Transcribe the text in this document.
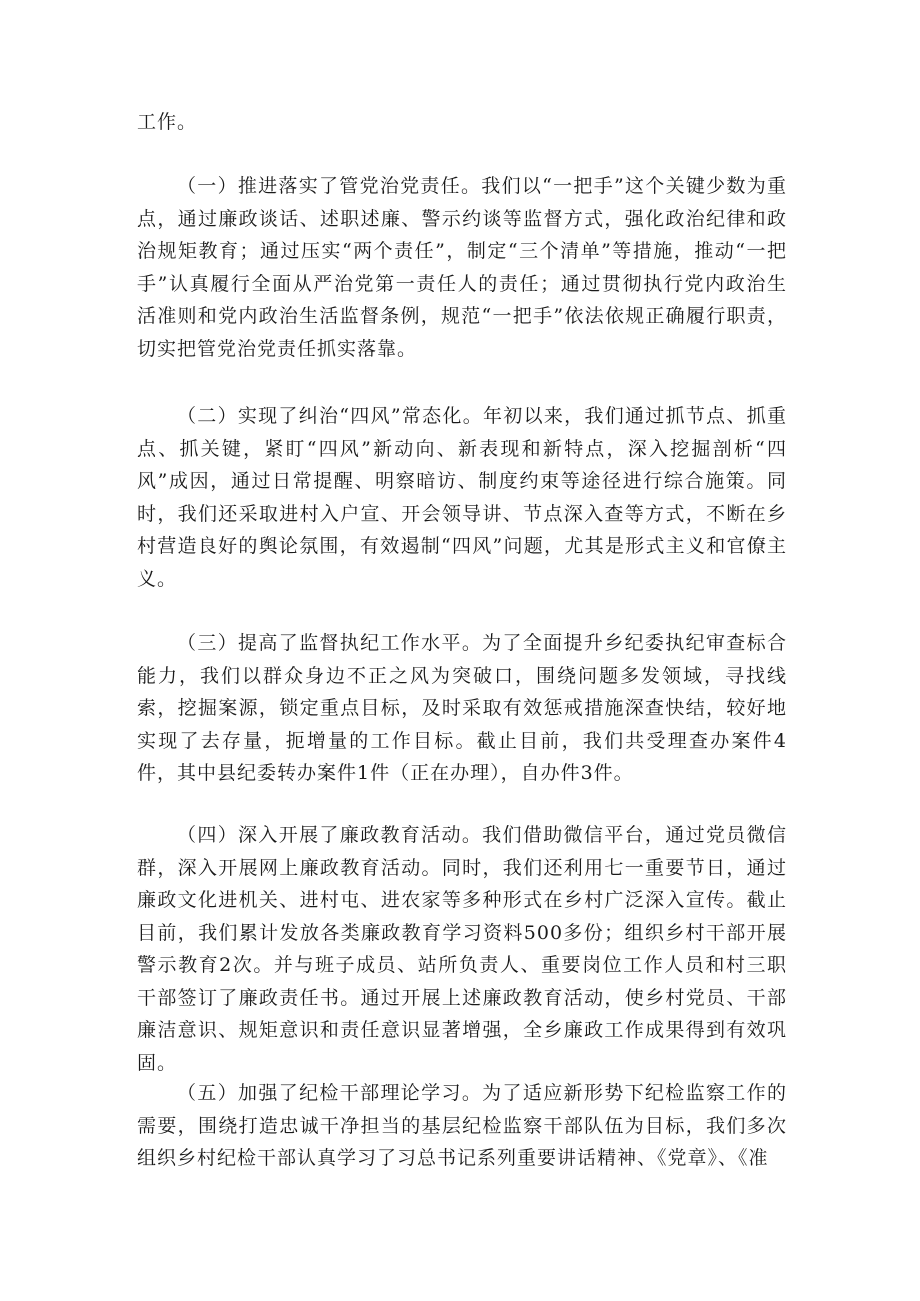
工作。

（一）推进落实了管党治党责任。我们以“一把手”这个关键少数为重点，通过廉政谈话、述职述廉、警示约谈等监督方式，强化政治纪律和政治规矩教育；通过压实“两个责任”，制定“三个清单”等措施，推动“一把手”认真履行全面从严治党第一责任人的责任；通过贯彻执行党内政治生活准则和党内政治生活监督条例，规范“一把手”依法依规正确履行职责，切实把管党治党责任抓实落靠。

（二）实现了纠治“四风”常态化。年初以来，我们通过抓节点、抓重点、抓关键，紧盯“四风”新动向、新表现和新特点，深入挖掘剖析“四风”成因，通过日常提醒、明察暗访、制度约束等途径进行综合施策。同时，我们还采取进村入户宣、开会领导讲、节点深入查等方式，不断在乡村营造良好的舆论氛围，有效遏制“四风”问题，尤其是形式主义和官僚主义。

（三）提高了监督执纪工作水平。为了全面提升乡纪委执纪审查标合能力，我们以群众身边不正之风为突破口，围绕问题多发领域，寻找线索，挖掘案源，锁定重点目标，及时采取有效惩戒措施深查快结，较好地实现了去存量，扼增量的工作目标。截止目前，我们共受理查办案件4件，其中县纪委转办案件1件（正在办理），自办件3件。

（四）深入开展了廉政教育活动。我们借助微信平台，通过党员微信群，深入开展网上廉政教育活动。同时，我们还利用七一重要节日，通过廉政文化进机关、进村屯、进农家等多种形式在乡村广泛深入宣传。截止目前，我们累计发放各类廉政教育学习资料500多份；组织乡村干部开展警示教育2次。并与班子成员、站所负责人、重要岗位工作人员和村三职干部签订了廉政责任书。通过开展上述廉政教育活动，使乡村党员、干部廉洁意识、规矩意识和责任意识显著增强，全乡廉政工作成果得到有效巩固。

（五）加强了纪检干部理论学习。为了适应新形势下纪检监察工作的需要，围绕打造忠诚干净担当的基层纪检监察干部队伍为目标，我们多次组织乡村纪检干部认真学习了习总书记系列重要讲话精神、《党章》、《准
